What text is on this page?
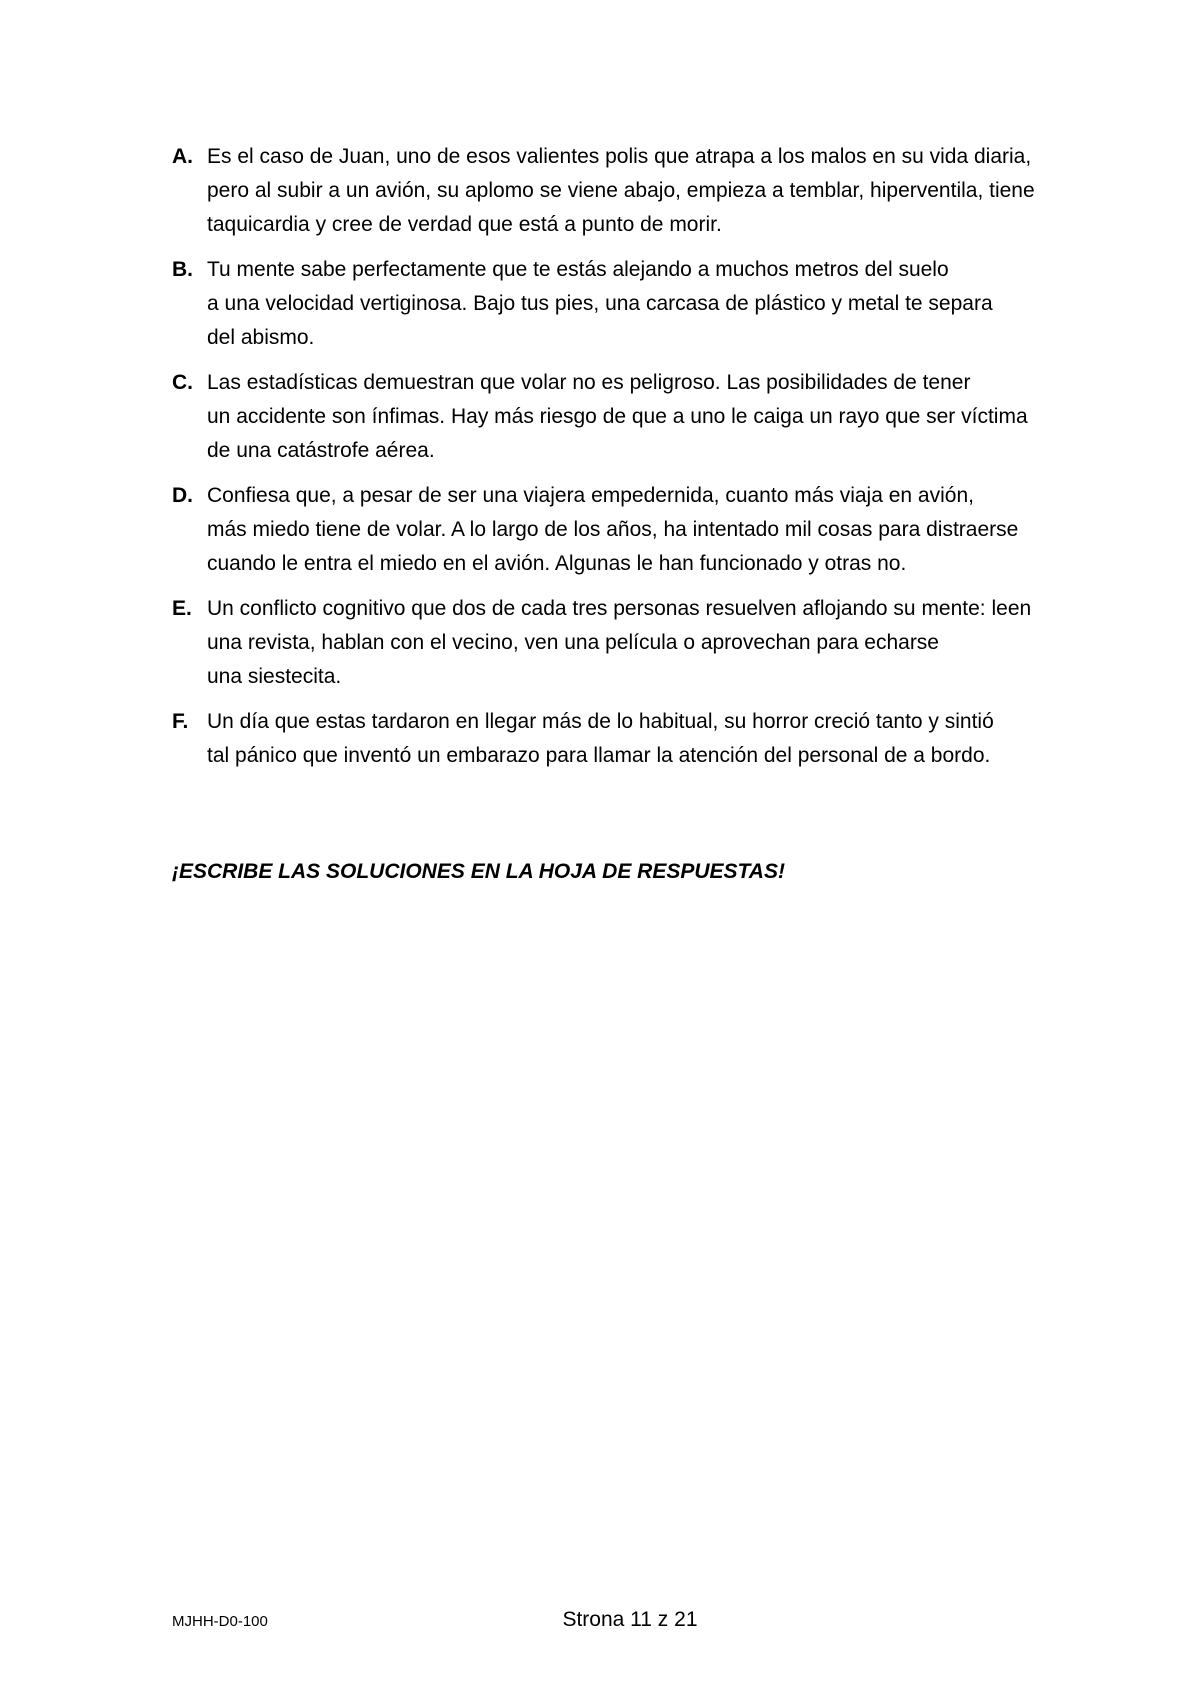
A. Es el caso de Juan, uno de esos valientes polis que atrapa a los malos en su vida diaria,
pero al subir a un avión, su aplomo se viene abajo, empieza a temblar, hiperventila, tiene
taquicardia y cree de verdad que está a punto de morir.
B. Tu mente sabe perfectamente que te estás alejando a muchos metros del suelo
a una velocidad vertiginosa. Bajo tus pies, una carcasa de plástico y metal te separa
del abismo.
C. Las estadísticas demuestran que volar no es peligroso. Las posibilidades de tener
un accidente son ínfimas. Hay más riesgo de que a uno le caiga un rayo que ser víctima
de una catástrofe aérea.
D. Confiesa que, a pesar de ser una viajera empedernida, cuanto más viaja en avión,
más miedo tiene de volar. A lo largo de los años, ha intentado mil cosas para distraerse
cuando le entra el miedo en el avión. Algunas le han funcionado y otras no.
E. Un conflicto cognitivo que dos de cada tres personas resuelven aflojando su mente: leen
una revista, hablan con el vecino, ven una película o aprovechan para echarse
una siestecita.
F. Un día que estas tardaron en llegar más de lo habitual, su horror creció tanto y sintió
tal pánico que inventó un embarazo para llamar la atención del personal de a bordo.
¡ESCRIBE LAS SOLUCIONES EN LA HOJA DE RESPUESTAS!
MJHH-D0-100	Strona 11 z 21
